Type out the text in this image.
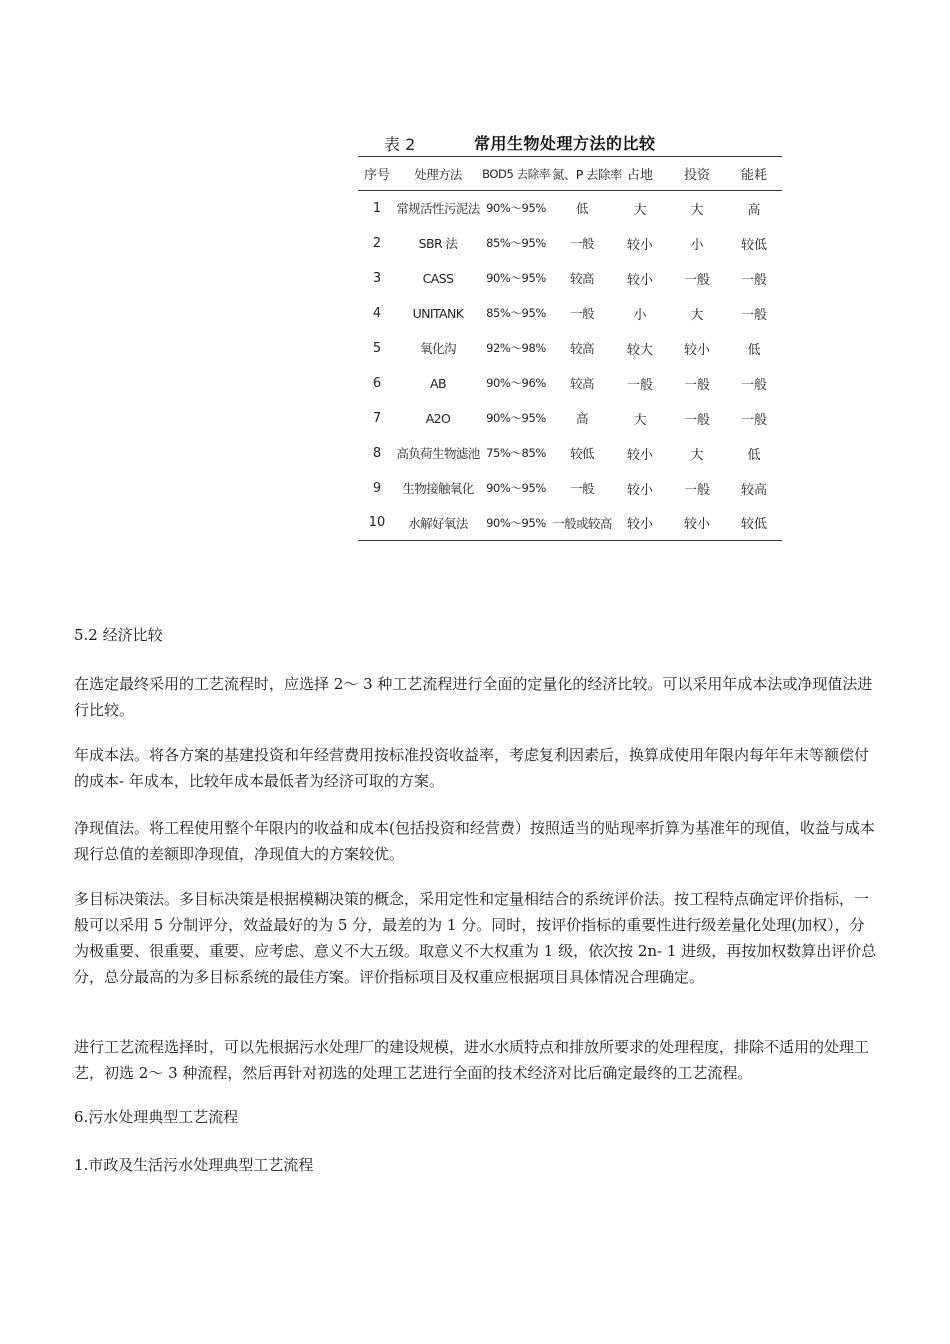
表 2	常用生物处理方法的比较
序号	处理方法	BOD5 去除率	氮、P 去除率	占地	投资	能耗
1	常规活性污泥法	90%～95%	低	大	大	高
2	SBR 法	85%～95%	一般	较小	小	较低
3	CASS	90%～95%	较高	较小	一般	一般
4	UNITANK	85%～95%	一般	小	大	一般
5	氧化沟	92%～98%	较高	较大	较小	低
6	AB	90%～96%	较高	一般	一般	一般
7	A2O	90%～95%	高	大	一般	一般
8	高负荷生物滤池	75%～85%	较低	较小	大	低
9	生物接触氧化	90%～95%	一般	较小	一般	较高
10	水解好氧法	90%～95%	一般或较高	较小	较小	较低
5.2 经济比较

在选定最终采用的工艺流程时，应选择 2～ 3 种工艺流程进行全面的定量化的经济比较。可以采用年成本法或净现值法进行比较。

年成本法。将各方案的基建投资和年经营费用按标准投资收益率，考虑复利因素后，换算成使用年限内每年年末等额偿付的成本- 年成本，比较年成本最低者为经济可取的方案。

净现值法。将工程使用整个年限内的收益和成本(包括投资和经营费）按照适当的贴现率折算为基准年的现值，收益与成本现行总值的差额即净现值，净现值大的方案较优。

多目标决策法。多目标决策是根据模糊决策的概念，采用定性和定量相结合的系统评价法。按工程特点确定评价指标，一般可以采用 5 分制评分，效益最好的为 5 分，最差的为 1 分。同时，按评价指标的重要性进行级差量化处理(加权），分为极重要、很重要、重要、应考虑、意义不大五级。取意义不大权重为 1 级，依次按 2n- 1 进级，再按加权数算出评价总分，总分最高的为多目标系统的最佳方案。评价指标项目及权重应根据项目具体情况合理确定。

进行工艺流程选择时，可以先根据污水处理厂的建设规模，进水水质特点和排放所要求的处理程度，排除不适用的处理工艺，初选 2～ 3 种流程，然后再针对初选的处理工艺进行全面的技术经济对比后确定最终的工艺流程。

6.污水处理典型工艺流程
1.市政及生活污水处理典型工艺流程
